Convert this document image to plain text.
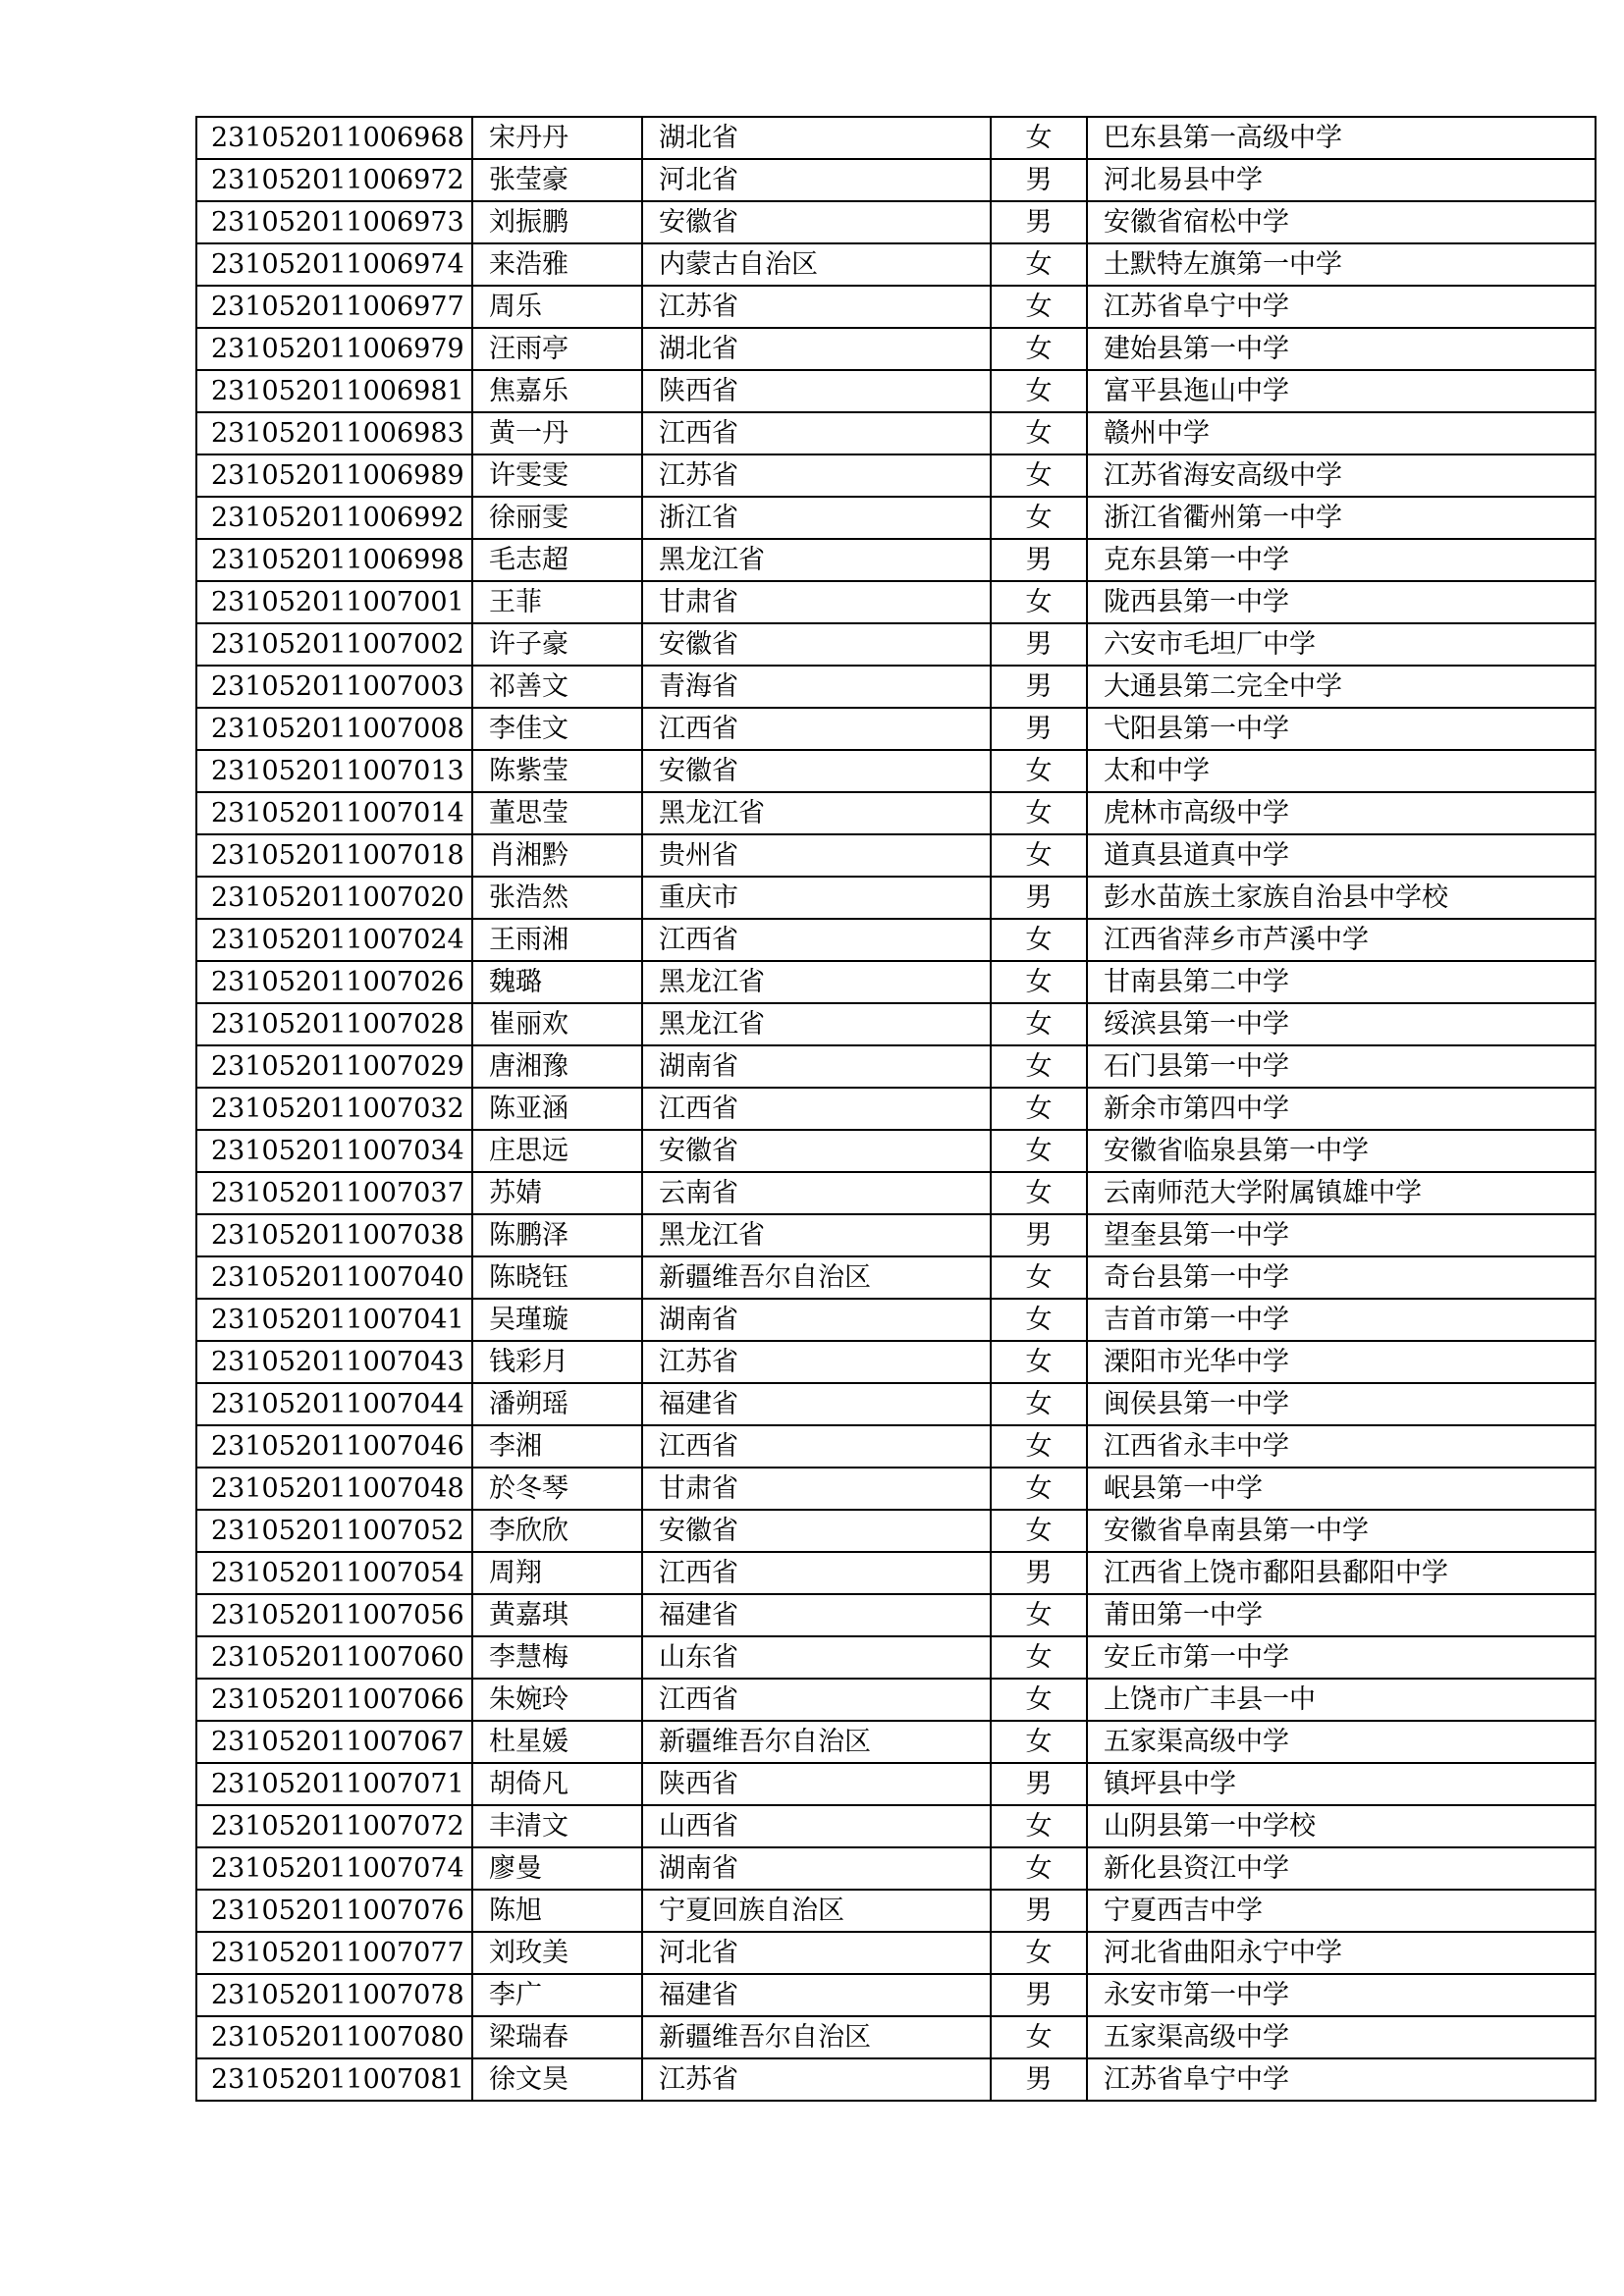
231052011006968	宋丹丹	湖北省	女	巴东县第一高级中学
231052011006972	张莹豪	河北省	男	河北易县中学
231052011006973	刘振鹏	安徽省	男	安徽省宿松中学
231052011006974	来浩雅	内蒙古自治区	女	土默特左旗第一中学
231052011006977	周乐	江苏省	女	江苏省阜宁中学
231052011006979	汪雨亭	湖北省	女	建始县第一中学
231052011006981	焦嘉乐	陕西省	女	富平县迤山中学
231052011006983	黄一丹	江西省	女	赣州中学
231052011006989	许雯雯	江苏省	女	江苏省海安高级中学
231052011006992	徐丽雯	浙江省	女	浙江省衢州第一中学
231052011006998	毛志超	黑龙江省	男	克东县第一中学
231052011007001	王菲	甘肃省	女	陇西县第一中学
231052011007002	许子豪	安徽省	男	六安市毛坦厂中学
231052011007003	祁善文	青海省	男	大通县第二完全中学
231052011007008	李佳文	江西省	男	弋阳县第一中学
231052011007013	陈紫莹	安徽省	女	太和中学
231052011007014	董思莹	黑龙江省	女	虎林市高级中学
231052011007018	肖湘黔	贵州省	女	道真县道真中学
231052011007020	张浩然	重庆市	男	彭水苗族土家族自治县中学校
231052011007024	王雨湘	江西省	女	江西省萍乡市芦溪中学
231052011007026	魏璐	黑龙江省	女	甘南县第二中学
231052011007028	崔丽欢	黑龙江省	女	绥滨县第一中学
231052011007029	唐湘豫	湖南省	女	石门县第一中学
231052011007032	陈亚涵	江西省	女	新余市第四中学
231052011007034	庄思远	安徽省	女	安徽省临泉县第一中学
231052011007037	苏婧	云南省	女	云南师范大学附属镇雄中学
231052011007038	陈鹏泽	黑龙江省	男	望奎县第一中学
231052011007040	陈晓钰	新疆维吾尔自治区	女	奇台县第一中学
231052011007041	吴瑾璇	湖南省	女	吉首市第一中学
231052011007043	钱彩月	江苏省	女	溧阳市光华中学
231052011007044	潘朔瑶	福建省	女	闽侯县第一中学
231052011007046	李湘	江西省	女	江西省永丰中学
231052011007048	於冬琴	甘肃省	女	岷县第一中学
231052011007052	李欣欣	安徽省	女	安徽省阜南县第一中学
231052011007054	周翔	江西省	男	江西省上饶市鄱阳县鄱阳中学
231052011007056	黄嘉琪	福建省	女	莆田第一中学
231052011007060	李慧梅	山东省	女	安丘市第一中学
231052011007066	朱婉玲	江西省	女	上饶市广丰县一中
231052011007067	杜星媛	新疆维吾尔自治区	女	五家渠高级中学
231052011007071	胡倚凡	陕西省	男	镇坪县中学
231052011007072	丰清文	山西省	女	山阴县第一中学校
231052011007074	廖曼	湖南省	女	新化县资江中学
231052011007076	陈旭	宁夏回族自治区	男	宁夏西吉中学
231052011007077	刘玫美	河北省	女	河北省曲阳永宁中学
231052011007078	李广	福建省	男	永安市第一中学
231052011007080	梁瑞春	新疆维吾尔自治区	女	五家渠高级中学
231052011007081	徐文昊	江苏省	男	江苏省阜宁中学
